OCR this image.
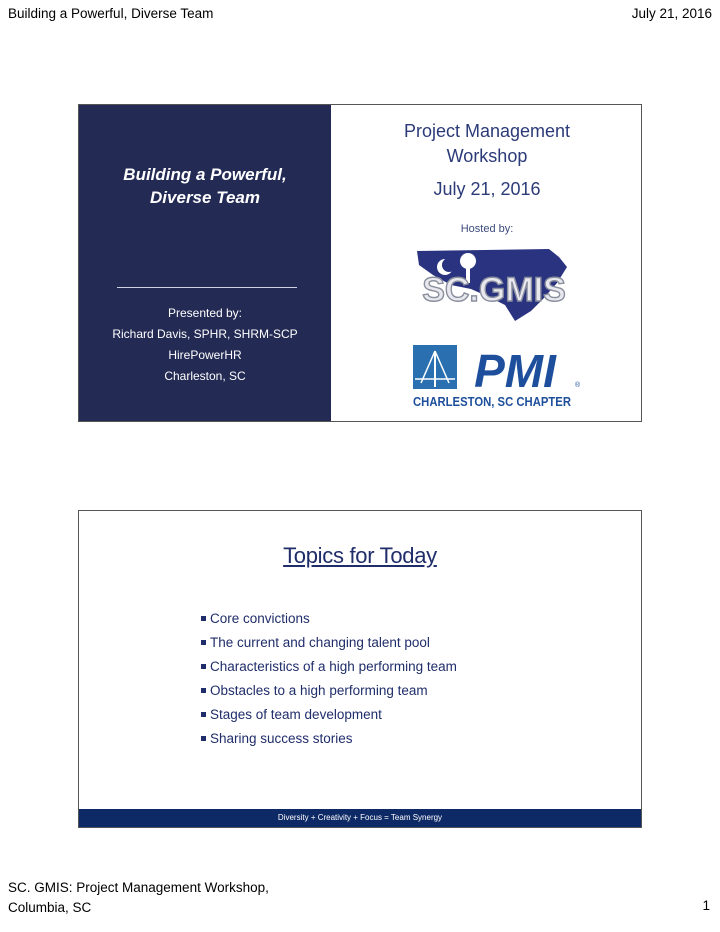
Building a Powerful, Diverse Team	July 21, 2016
Building a Powerful,
Diverse Team
Presented by:
Richard Davis, SPHR, SHRM-SCP
HirePowerHR
Charleston, SC
Project Management
Workshop
July 21, 2016
Hosted by:
SC.GMIS
PMI	®
CHARLESTON, SC CHAPTER
Topics for Today
Core convictions
The current and changing talent pool
Characteristics of a high performing team
Obstacles to a high performing team
Stages of team development
Sharing success stories
Diversity + Creativity + Focus = Team Synergy
SC. GMIS: Project Management Workshop,
Columbia, SC	1
